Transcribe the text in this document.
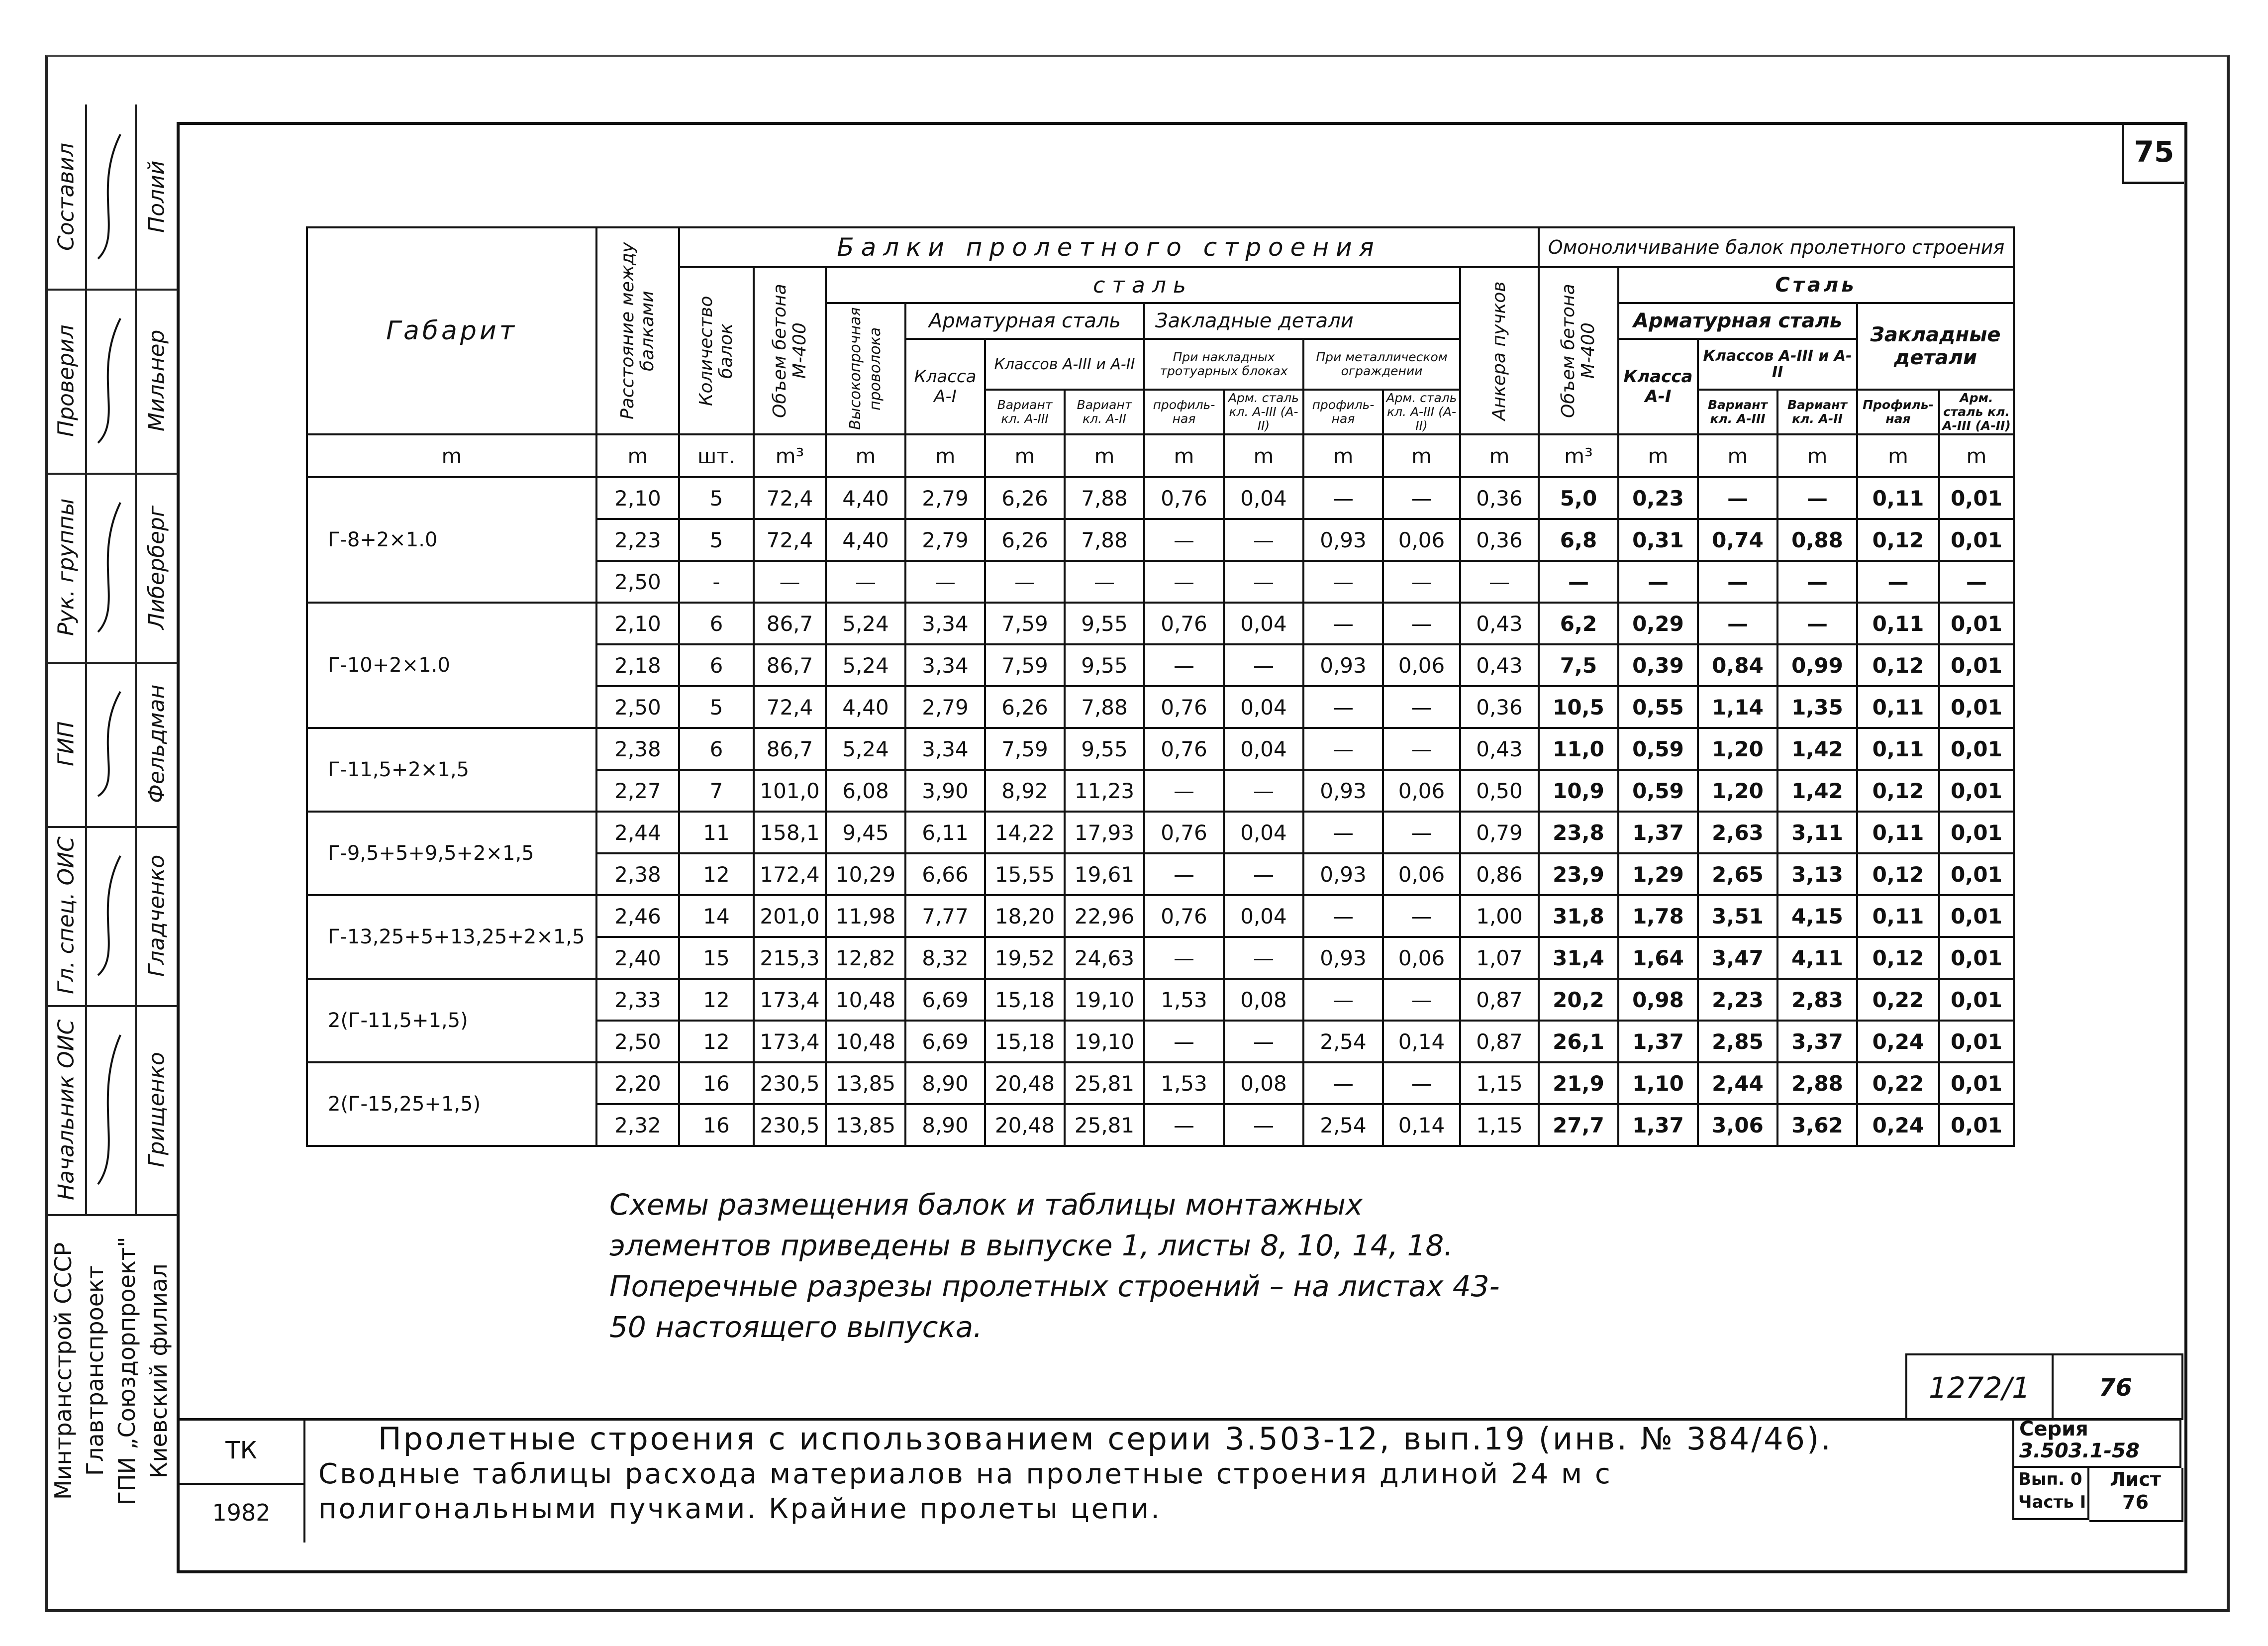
75
Составил	Полий
Проверил	Мильнер
Рук. группы	Либерберг
ГИП	Фельдман
Гл. спец. ОИС	Гладченко
Начальник ОИС	Грищенко
Минтрансстрой СССР Главтранспроект ГПИ „Союздорпроект" Киевский филиал
Габарит	Расстояние между балками	Балки пролетного строения											Омоноличивание балок пролетного строения					

		Количество балок	Объем бетона М-400	сталь								Анкера пучков	Объем бетона М-400	Сталь				

				Высокопрочная проволока	Арматурная сталь			Закладные детали						Арматурная сталь			Закладные детали	
					Класса А-I	Классов А-III и А-II		При накладных тротуарных блоках		При металлическом ограждении				Класса А-I	Классов А-III и А-II			
						Вариант кл. А-III	Вариант кл. А-II	профиль-ная	Арм. сталь кл. А-III (А-II)	профиль-ная	Арм. сталь кл. А-III (А-II)				Вариант кл. А-III	Вариант кл. А-II	Профиль-ная	Арм. сталь кл. А-III (А-II)
m	m	шт.	m³	m	m	m	m	m	m	m	m	m	m³	m	m	m	m	m
Г-8+2×1.0	2,10	5	72,4	4,40	2,79	6,26	7,88	0,76	0,04	—	—	0,36	5,0	0,23	—	—	0,11	0,01
	2,23	5	72,4	4,40	2,79	6,26	7,88	—	—	0,93	0,06	0,36	6,8	0,31	0,74	0,88	0,12	0,01
	2,50	-	—	—	—	—	—	—	—	—	—	—	—	—	—	—	—	—
Г-10+2×1.0	2,10	6	86,7	5,24	3,34	7,59	9,55	0,76	0,04	—	—	0,43	6,2	0,29	—	—	0,11	0,01
	2,18	6	86,7	5,24	3,34	7,59	9,55	—	—	0,93	0,06	0,43	7,5	0,39	0,84	0,99	0,12	0,01
	2,50	5	72,4	4,40	2,79	6,26	7,88	0,76	0,04	—	—	0,36	10,5	0,55	1,14	1,35	0,11	0,01
Г-11,5+2×1,5	2,38	6	86,7	5,24	3,34	7,59	9,55	0,76	0,04	—	—	0,43	11,0	0,59	1,20	1,42	0,11	0,01
	2,27	7	101,0	6,08	3,90	8,92	11,23	—	—	0,93	0,06	0,50	10,9	0,59	1,20	1,42	0,12	0,01
Г-9,5+5+9,5+2×1,5	2,44	11	158,1	9,45	6,11	14,22	17,93	0,76	0,04	—	—	0,79	23,8	1,37	2,63	3,11	0,11	0,01
	2,38	12	172,4	10,29	6,66	15,55	19,61	—	—	0,93	0,06	0,86	23,9	1,29	2,65	3,13	0,12	0,01
Г-13,25+5+13,25+2×1,5	2,46	14	201,0	11,98	7,77	18,20	22,96	0,76	0,04	—	—	1,00	31,8	1,78	3,51	4,15	0,11	0,01
	2,40	15	215,3	12,82	8,32	19,52	24,63	—	—	0,93	0,06	1,07	31,4	1,64	3,47	4,11	0,12	0,01
2(Г-11,5+1,5)	2,33	12	173,4	10,48	6,69	15,18	19,10	1,53	0,08	—	—	0,87	20,2	0,98	2,23	2,83	0,22	0,01
	2,50	12	173,4	10,48	6,69	15,18	19,10	—	—	2,54	0,14	0,87	26,1	1,37	2,85	3,37	0,24	0,01
2(Г-15,25+1,5)	2,20	16	230,5	13,85	8,90	20,48	25,81	1,53	0,08	—	—	1,15	21,9	1,10	2,44	2,88	0,22	0,01
	2,32	16	230,5	13,85	8,90	20,48	25,81	—	—	2,54	0,14	1,15	27,7	1,37	3,06	3,62	0,24	0,01
Схемы размещения балок и таблицы монтажных элементов приведены в выпуске 1, листы 8, 10, 14, 18. Поперечные разрезы пролетных строений – на листах 43-50 настоящего выпуска.
1272/1	76
Серия
3.503.1-58
Вып. 0
Часть I
Лист
76
ТК
1982
Пролетные строения с использованием серии 3.503-12, вып.19 (инв. № 384/46).
Сводные таблицы расхода материалов на пролетные строения длиной 24 м с
полигональными пучками. Крайние пролеты цепи.
